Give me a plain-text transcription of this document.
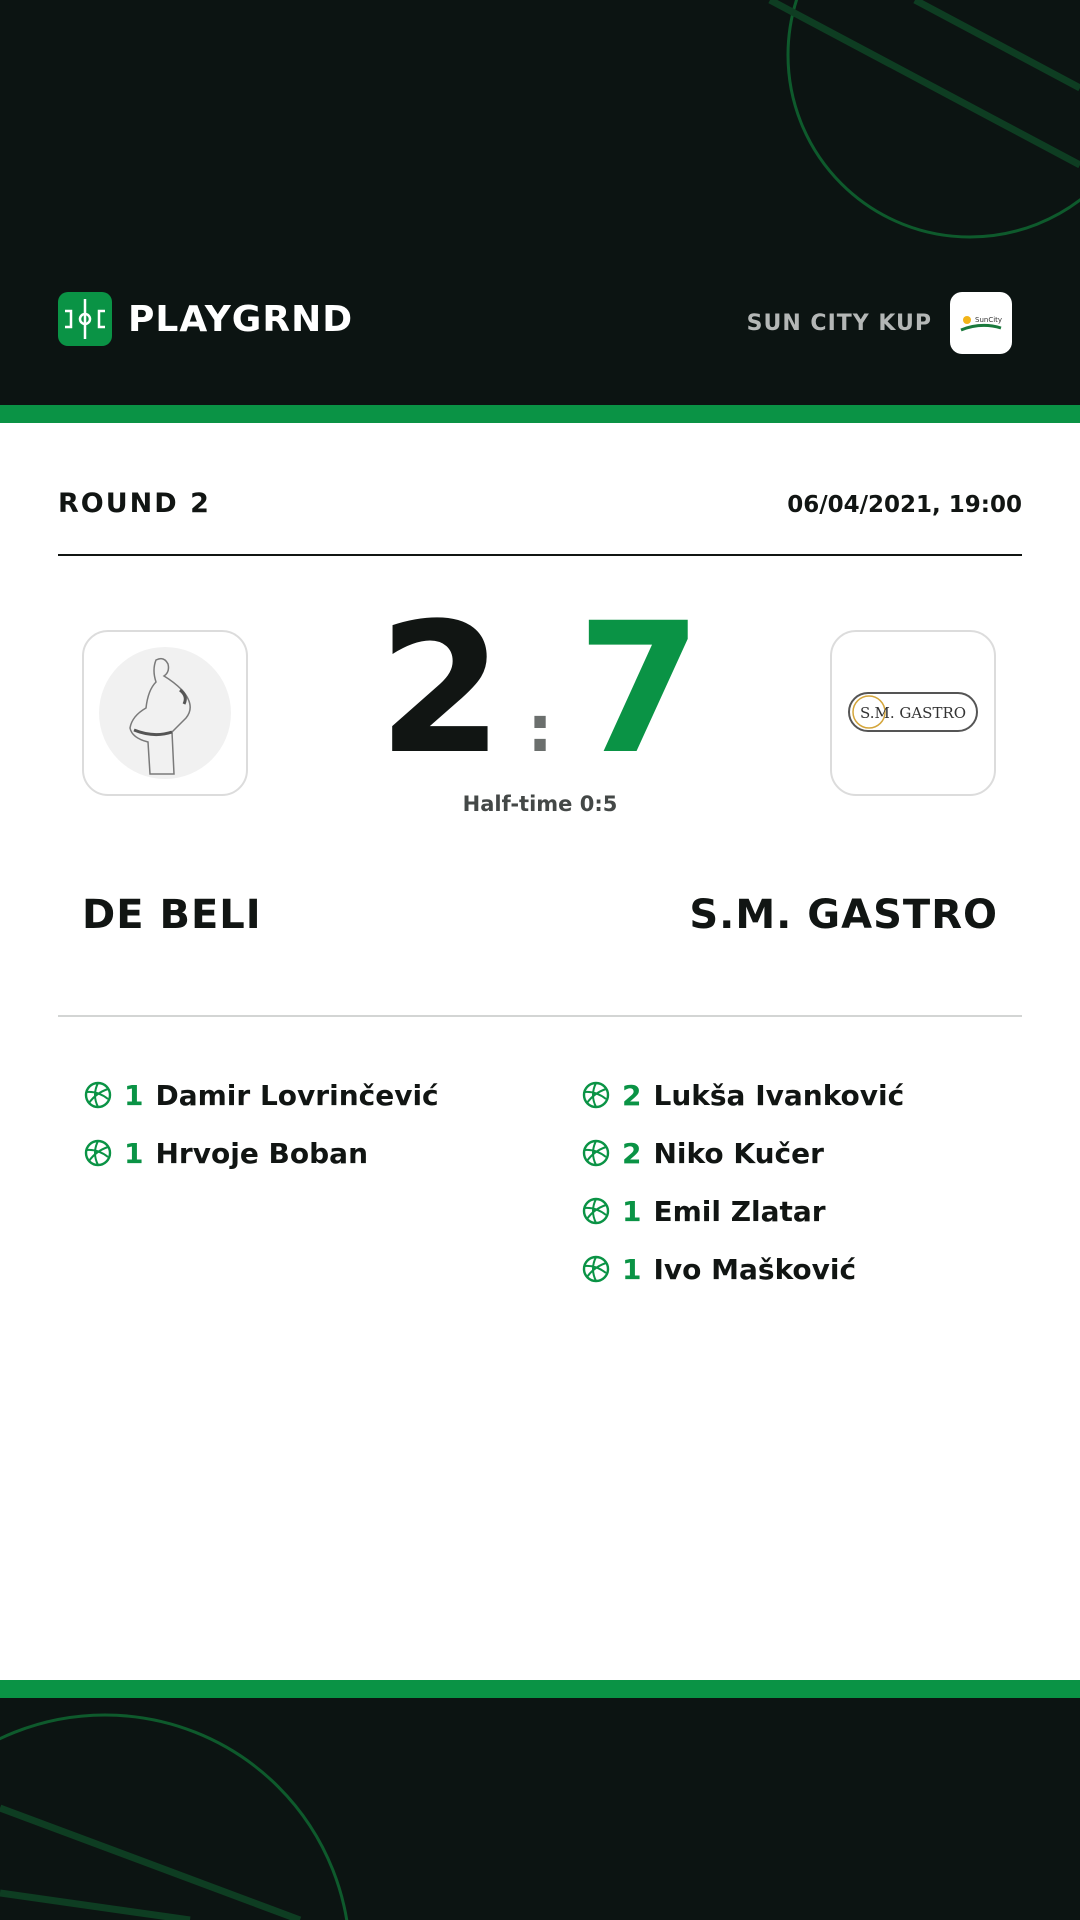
PLAYGRND	SUN CITY KUP	SunCity
ROUND 2	06/04/2021, 19:00
2 : 7
Half-time 0:5
S.M. GASTRO
DE BELI	S.M. GASTRO
1 Damir Lovrinčević
1 Hrvoje Boban
2 Lukša Ivanković
2 Niko Kučer
1 Emil Zlatar
1 Ivo Mašković
